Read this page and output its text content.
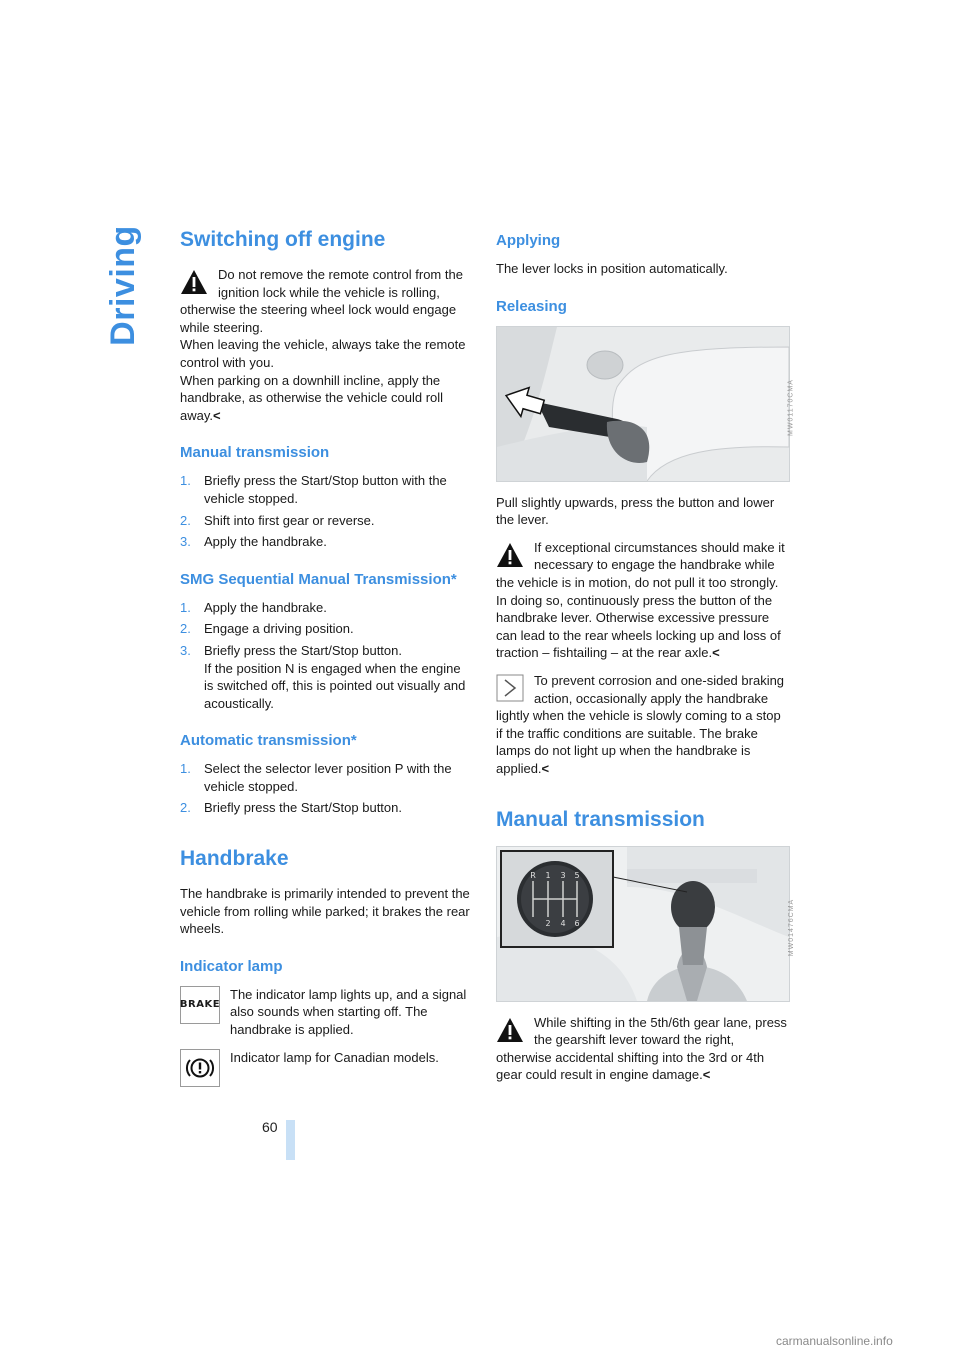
Driving Switching off engine
Do not remove the remote control from the ignition lock while the vehicle is rolling, otherwise the steering wheel lock would engage while steering.
When leaving the vehicle, always take the remote control with you.
When parking on a downhill incline, apply the handbrake, as otherwise the vehicle could roll away.<
Manual transmission
1. Briefly press the Start/Stop button with the vehicle stopped.
2. Shift into first gear or reverse.
3. Apply the handbrake.
SMG Sequential Manual Transmission*
1. Apply the handbrake.
2. Engage a driving position.
3. Briefly press the Start/Stop button.
If the position N is engaged when the engine is switched off, this is pointed out visually and acoustically.
Automatic transmission*
1. Select the selector lever position P with the vehicle stopped.
2. Briefly press the Start/Stop button.
Handbrake

The handbrake is primarily intended to prevent the vehicle from rolling while parked; it brakes the rear wheels.

Indicator lamp
BRAKE

The indicator lamp lights up, and a signal also sounds when starting off. The handbrake is applied.

Indicator lamp for Canadian models.

Applying

The lever locks in position automatically.

Releasing
MW01170CMA

Pull slightly upwards, press the button and lower the lever.

If exceptional circumstances should make it necessary to engage the handbrake while the vehicle is in motion, do not pull it too strongly. In doing so, continuously press the button of the handbrake lever. Otherwise excessive pressure can lead to the rear wheels locking up and loss of traction – fishtailing – at the rear axle.<
To prevent corrosion and one-sided braking action, occasionally apply the handbrake lightly when the vehicle is slowly coming to a stop if the traffic conditions are suitable. The brake lamps do not light up when the handbrake is applied.<
Manual transmission
R 1 3 5
2 4 6	MW01476CMA
While shifting in the 5th/6th gear lane, press the gearshift lever toward the right, otherwise accidental shifting into the 3rd or 4th gear could result in engine damage.<
60
carmanualsonline.info
